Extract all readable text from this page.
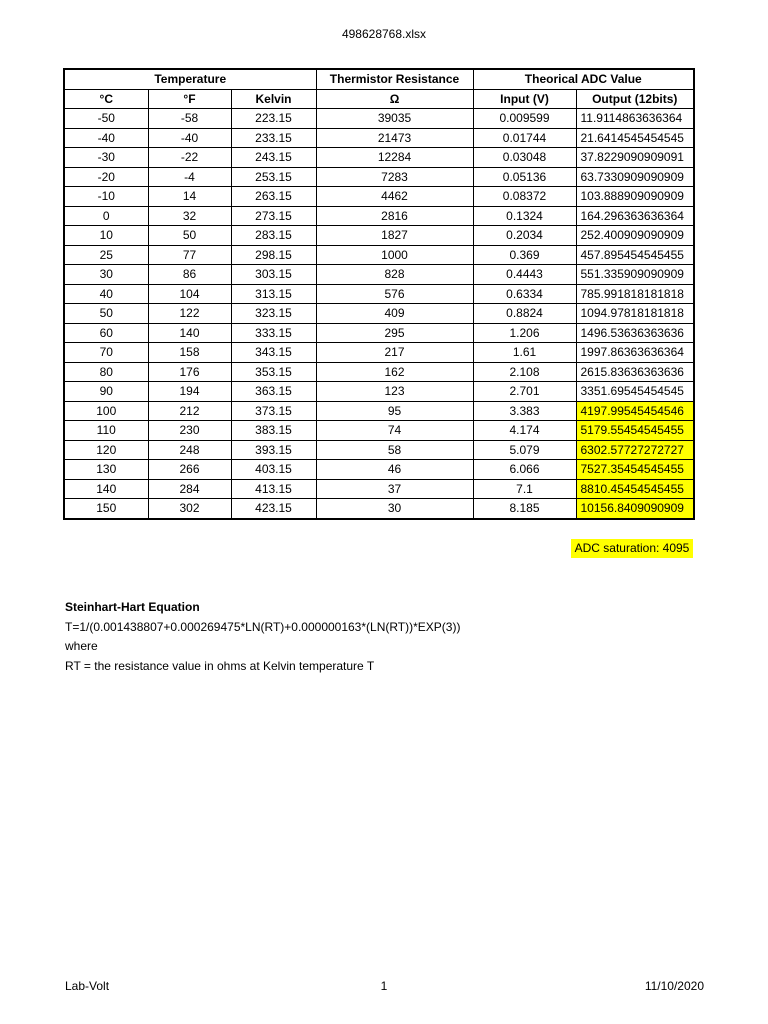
498628768.xlsx
Temperature			Thermistor Resistance	Theorical ADC Value	
°C	°F	Kelvin	Ω	Input (V)	Output (12bits)
-50	-58	223.15	39035	0.009599	11.9114863636364
-40	-40	233.15	21473	0.01744	21.6414545454545
-30	-22	243.15	12284	0.03048	37.8229090909091
-20	-4	253.15	7283	0.05136	63.7330909090909
-10	14	263.15	4462	0.08372	103.888909090909
0	32	273.15	2816	0.1324	164.296363636364
10	50	283.15	1827	0.2034	252.400909090909
25	77	298.15	1000	0.369	457.895454545455
30	86	303.15	828	0.4443	551.335909090909
40	104	313.15	576	0.6334	785.991818181818
50	122	323.15	409	0.8824	1094.97818181818
60	140	333.15	295	1.206	1496.53636363636
70	158	343.15	217	1.61	1997.86363636364
80	176	353.15	162	2.108	2615.83636363636
90	194	363.15	123	2.701	3351.69545454545
100	212	373.15	95	3.383	4197.99545454546
110	230	383.15	74	4.174	5179.55454545455
120	248	393.15	58	5.079	6302.57727272727
130	266	403.15	46	6.066	7527.35454545455
140	284	413.15	37	7.1	8810.45454545455
150	302	423.15	30	8.185	10156.8409090909
ADC saturation: 4095
Steinhart-Hart Equation
T=1/(0.001438807+0.000269475*LN(RT)+0.000000163*(LN(RT))*EXP(3))
where
RT = the resistance value in ohms at Kelvin temperature T
Lab-Volt	1	11/10/2020
